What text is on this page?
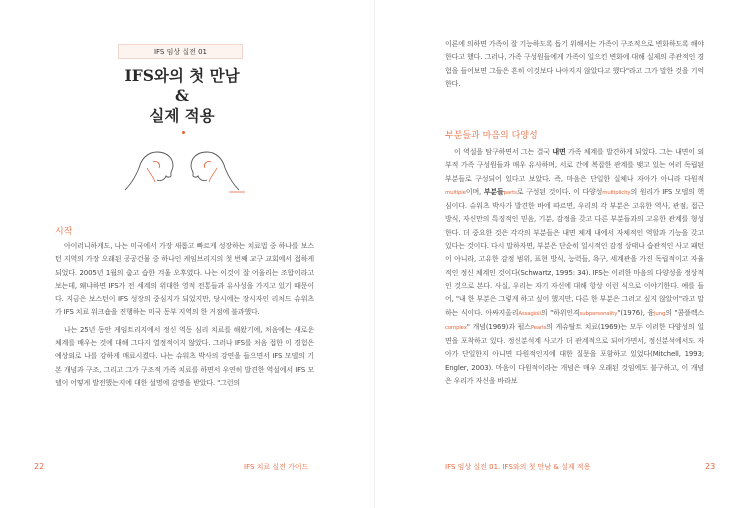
IFS 임상 실전 01
IFS와의 첫 만남
&
실제 적용
시작

아이러니하게도, 나는 미국에서 가장 새롭고 빠르게 성장하는 치료법 중 하나를 보스턴 지역의 가장 오래된 공공건물 중 하나인 케임브리지의 첫 번째 교구 교회에서 접하게 되었다. 2005년 1월의 춥고 습한 겨울 오후였다. 나는 이것이 잘 어울리는 조합이라고 보는데, 왜냐하면 IFS가 전 세계의 위대한 영적 전통들과 유사성을 가지고 있기 때문이다. 지금은 보스턴이 IFS 성장의 중심지가 되었지만, 당시에는 장시자인 리처드 슈워츠가 IFS 치료 워크숍을 진행하는 미국 동부 지역의 한 거점에 불과했다.

나는 25년 동안 게임트리지에서 정신 역동 심리 치료를 해왔기에, 처음에는 새로운 체계를 배우는 것에 대해 그다지 열정적이지 않았다. 그러나 IFS를 처음 접한 이 경험은 예상외로 나를 강하게 매료시켰다. 나는 슈워츠 박사의 강연을 들으면서 IFS 모델의 기본 개념과 구조, 그리고 그가 구조적 가족 치료를 하면서 우연히 발견한 역설에서 IFS 모델이 어떻게 발전했는지에 대한 설명에 감명을 받았다. "그런의

22	IFS 치료 실전 가이드

이론에 의하면 가족이 잘 기능하도록 돕기 위해서는 가족이 구조적으로 변화하도록 해야 한다고 했다. 그러나, 가족 구성원들에게 가족이 일으킨 변화에 대해 실제의 주관적인 경험을 들어보면 그들은 흔히 이것보다 나아지지 않았다고 했다"라고 그가 말한 것을 기억한다.

부분들과 마음의 다양성

이 역설을 탐구하면서 그는 결국 내면 가족 체계를 발견하게 되었다. 그는 내면이 외부적 가족 구성원들과 매우 유사하며, 서로 간에 복잡한 관계를 맺고 있는 여러 독립된 부분들로 구성되어 있다고 보았다. 즉, 마음은 단일한 실체나 자아가 아니라 다원적multiple이며, 부분들parts로 구성된 것이다. 이 다양성multiplicity의 원리가 IFS 모델의 핵심이다. 슈워츠 박사가 발견한 바에 따르면, 우리의 각 부분은 고유한 역사, 관점, 접근 방식, 자신만의 특징적인 믿음, 기분, 감정을 갖고 다른 부분들과의 고유한 관계를 형성한다. 더 중요한 것은 각각의 부분들은 내면 체계 내에서 자체적인 역할과 기능을 갖고 있다는 것이다. 다시 말하자면, 부분은 단순히 일시적인 감정 상태나 습관적인 사고 패턴이 아니라, 고유한 감정 범위, 표현 방식, 능력들, 욕구, 세계관을 가진 독립적이고 자율적인 정신 체계인 것이다(Schwartz, 1995: 34). IFS는 이러한 마음의 다양성을 정상적인 것으로 본다. 사실, 우리는 자기 자신에 대해 항상 이런 식으로 이야기한다. 예를 들어, "내 한 부분은 그렇게 하고 싶어 했지만, 다른 한 부분은 그러고 싶지 않았어"라고 말하는 식이다. 아싸지올리Assagioli의 "하위인격subpersonality"(1976), 융Jung의 "콤플렉스complex" 개념(1969)과 펄스Pearls의 게슈탈트 치료(1969)는 모두 이러한 다양성의 일면을 포착하고 있다. 정신분석계 사고가 더 관계적으로 되어가면서, 정신분석에서도 자아가 단일한지 아니면 다원적인지에 대한 질문을 포함하고 있었다(Mitchell, 1993; Engler, 2003). 마음이 다원적이라는 개념은 매우 오래된 것임에도 불구하고, 이 개념은 우리가 자신을 바라보

IFS 임상 실전 01. IFS와의 첫 만남 & 실제 적용	23
